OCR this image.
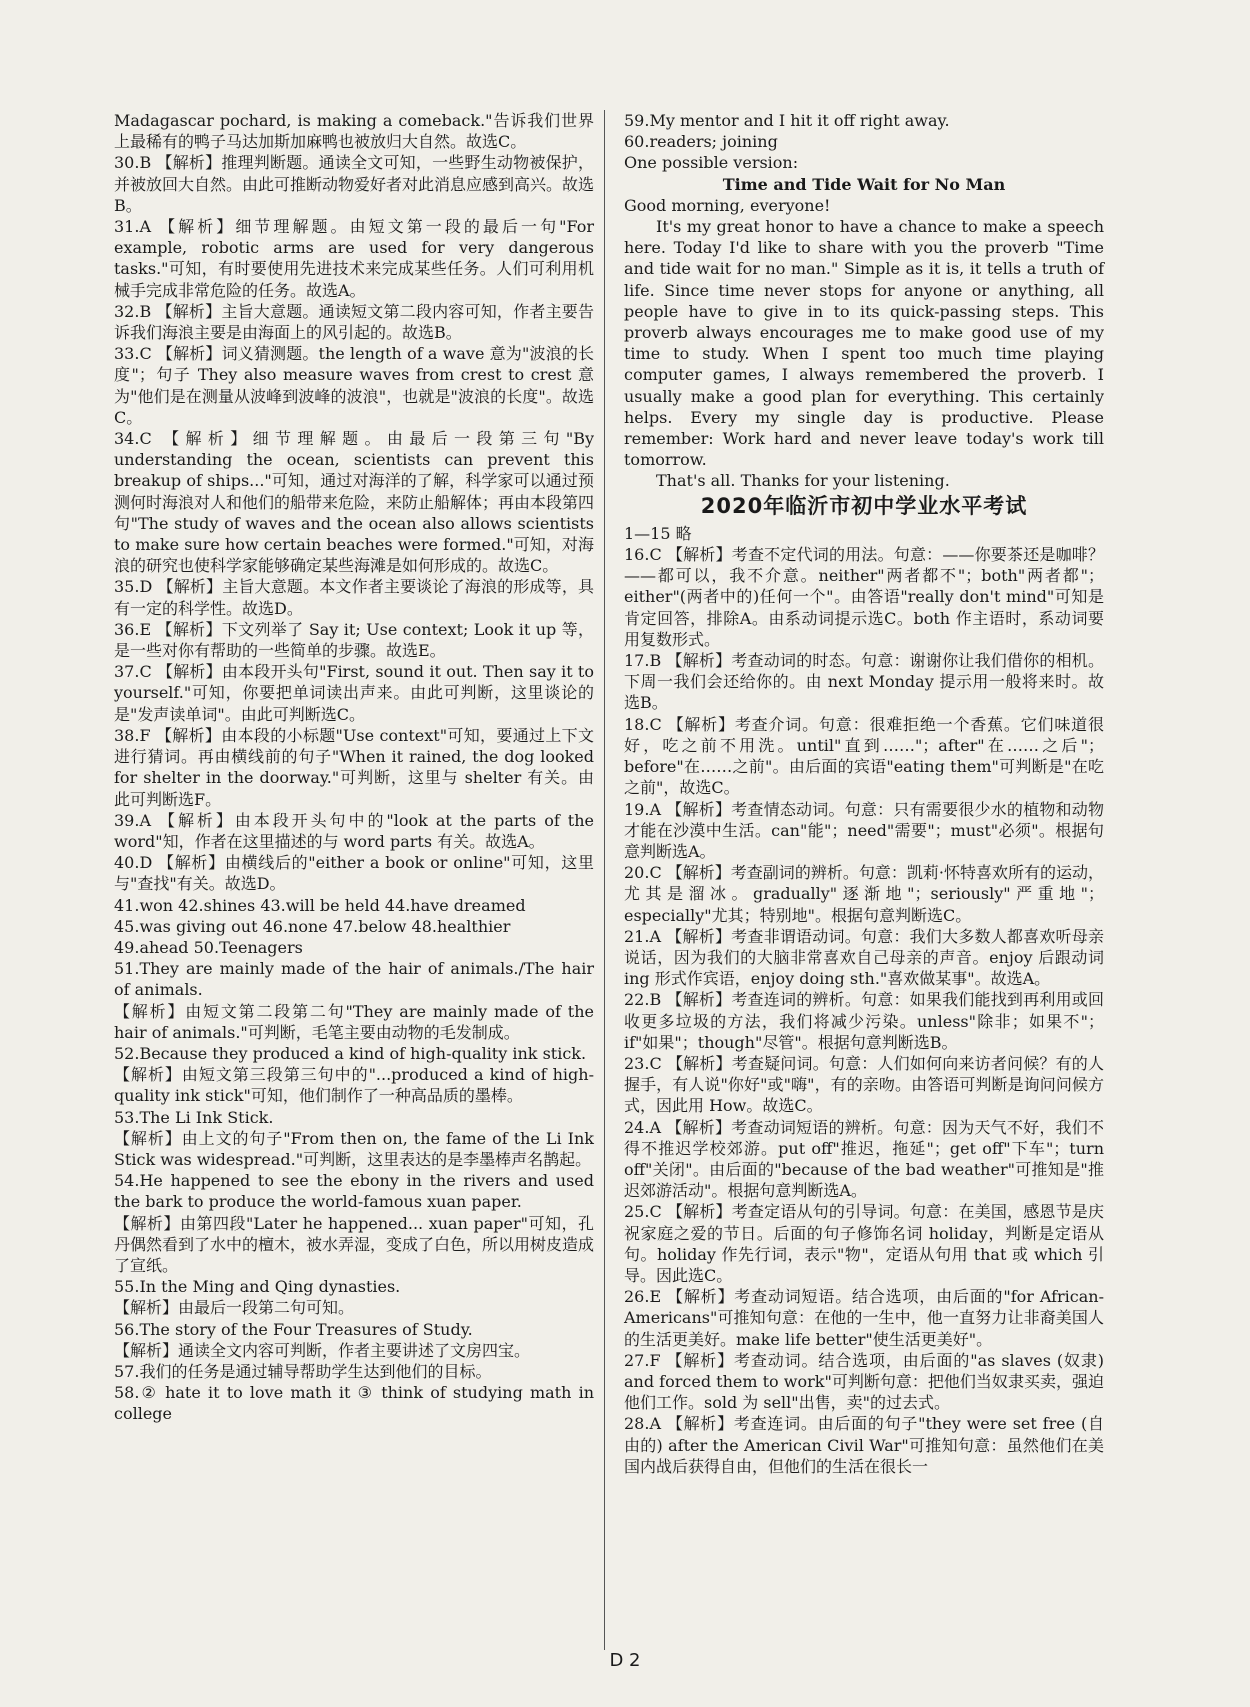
Madagascar pochard, is making a comeback."告诉我们世界上最稀有的鸭子马达加斯加麻鸭也被放归大自然。故选C。

30.B 【解析】推理判断题。通读全文可知，一些野生动物被保护，并被放回大自然。由此可推断动物爱好者对此消息应感到高兴。故选B。

31.A 【解析】细节理解题。由短文第一段的最后一句"For example, robotic arms are used for very dangerous tasks."可知，有时要使用先进技术来完成某些任务。人们可利用机械手完成非常危险的任务。故选A。

32.B 【解析】主旨大意题。通读短文第二段内容可知，作者主要告诉我们海浪主要是由海面上的风引起的。故选B。

33.C 【解析】词义猜测题。the length of a wave 意为"波浪的长度"；句子 They also measure waves from crest to crest 意为"他们是在测量从波峰到波峰的波浪"，也就是"波浪的长度"。故选C。

34.C 【解析】细节理解题。由最后一段第三句"By understanding the ocean, scientists can prevent this breakup of ships..."可知，通过对海洋的了解，科学家可以通过预测何时海浪对人和他们的船带来危险，来防止船解体；再由本段第四句"The study of waves and the ocean also allows scientists to make sure how certain beaches were formed."可知，对海浪的研究也使科学家能够确定某些海滩是如何形成的。故选C。

35.D 【解析】主旨大意题。本文作者主要谈论了海浪的形成等，具有一定的科学性。故选D。

36.E 【解析】下文列举了 Say it; Use context; Look it up 等，是一些对你有帮助的一些简单的步骤。故选E。

37.C 【解析】由本段开头句"First, sound it out. Then say it to yourself."可知，你要把单词读出声来。由此可判断，这里谈论的是"发声读单词"。由此可判断选C。

38.F 【解析】由本段的小标题"Use context"可知，要通过上下文进行猜词。再由横线前的句子"When it rained, the dog looked for shelter in the doorway."可判断，这里与 shelter 有关。由此可判断选F。

39.A 【解析】由本段开头句中的"look at the parts of the word"知，作者在这里描述的与 word parts 有关。故选A。

40.D 【解析】由横线后的"either a book or online"可知，这里与"查找"有关。故选D。

41.won 42.shines 43.will be held 44.have dreamed

45.was giving out 46.none 47.below 48.healthier

49.ahead 50.Teenagers

51.They are mainly made of the hair of animals./The hair of animals.

【解析】由短文第二段第二句"They are mainly made of the hair of animals."可判断，毛笔主要由动物的毛发制成。

52.Because they produced a kind of high-quality ink stick.

【解析】由短文第三段第三句中的"...produced a kind of high-quality ink stick"可知，他们制作了一种高品质的墨棒。

53.The Li Ink Stick.

【解析】由上文的句子"From then on, the fame of the Li Ink Stick was widespread."可判断，这里表达的是李墨棒声名鹊起。

54.He happened to see the ebony in the rivers and used the bark to produce the world-famous xuan paper.

【解析】由第四段"Later he happened... xuan paper"可知，孔丹偶然看到了水中的檀木，被水弄湿，变成了白色，所以用树皮造成了宣纸。

55.In the Ming and Qing dynasties.

【解析】由最后一段第二句可知。

56.The story of the Four Treasures of Study.

【解析】通读全文内容可判断，作者主要讲述了文房四宝。

57.我们的任务是通过辅导帮助学生达到他们的目标。

58.② hate it to love math it ③ think of studying math in college

59.My mentor and I hit it off right away.

60.readers; joining

One possible version:

Time and Tide Wait for No Man

Good morning, everyone!

It's my great honor to have a chance to make a speech here. Today I'd like to share with you the proverb "Time and tide wait for no man." Simple as it is, it tells a truth of life. Since time never stops for anyone or anything, all people have to give in to its quick-passing steps. This proverb always encourages me to make good use of my time to study. When I spent too much time playing computer games, I always remembered the proverb. I usually make a good plan for everything. This certainly helps. Every my single day is productive. Please remember: Work hard and never leave today's work till tomorrow.

That's all. Thanks for your listening.

2020年临沂市初中学业水平考试

1—15 略

16.C 【解析】考查不定代词的用法。句意：——你要茶还是咖啡？——都可以，我不介意。neither"两者都不"；both"两者都"；either"(两者中的)任何一个"。由答语"really don't mind"可知是肯定回答，排除A。由系动词提示选C。both 作主语时，系动词要用复数形式。

17.B 【解析】考查动词的时态。句意：谢谢你让我们借你的相机。下周一我们会还给你的。由 next Monday 提示用一般将来时。故选B。

18.C 【解析】考查介词。句意：很难拒绝一个香蕉。它们味道很好，吃之前不用洗。until"直到……"；after"在……之后"；before"在……之前"。由后面的宾语"eating them"可判断是"在吃之前"，故选C。

19.A 【解析】考查情态动词。句意：只有需要很少水的植物和动物才能在沙漠中生活。can"能"；need"需要"；must"必须"。根据句意判断选A。

20.C 【解析】考查副词的辨析。句意：凯莉·怀特喜欢所有的运动，尤其是溜冰。gradually"逐渐地"；seriously"严重地"；especially"尤其；特别地"。根据句意判断选C。

21.A 【解析】考查非谓语动词。句意：我们大多数人都喜欢听母亲说话，因为我们的大脑非常喜欢自己母亲的声音。enjoy 后跟动词 ing 形式作宾语，enjoy doing sth."喜欢做某事"。故选A。

22.B 【解析】考查连词的辨析。句意：如果我们能找到再利用或回收更多垃圾的方法，我们将减少污染。unless"除非；如果不"；if"如果"；though"尽管"。根据句意判断选B。

23.C 【解析】考查疑问词。句意：人们如何向来访者问候？有的人握手，有人说"你好"或"嗨"，有的亲吻。由答语可判断是询问问候方式，因此用 How。故选C。

24.A 【解析】考查动词短语的辨析。句意：因为天气不好，我们不得不推迟学校郊游。put off"推迟，拖延"；get off"下车"；turn off"关闭"。由后面的"because of the bad weather"可推知是"推迟郊游活动"。根据句意判断选A。

25.C 【解析】考查定语从句的引导词。句意：在美国，感恩节是庆祝家庭之爱的节日。后面的句子修饰名词 holiday，判断是定语从句。holiday 作先行词，表示"物"，定语从句用 that 或 which 引导。因此选C。

26.E 【解析】考查动词短语。结合选项，由后面的"for African-Americans"可推知句意：在他的一生中，他一直努力让非裔美国人的生活更美好。make life better"使生活更美好"。

27.F 【解析】考查动词。结合选项，由后面的"as slaves (奴隶) and forced them to work"可判断句意：把他们当奴隶买卖，强迫他们工作。sold 为 sell"出售，卖"的过去式。

28.A 【解析】考查连词。由后面的句子"they were set free (自由的) after the American Civil War"可推知句意：虽然他们在美国内战后获得自由，但他们的生活在很长一

D 2
